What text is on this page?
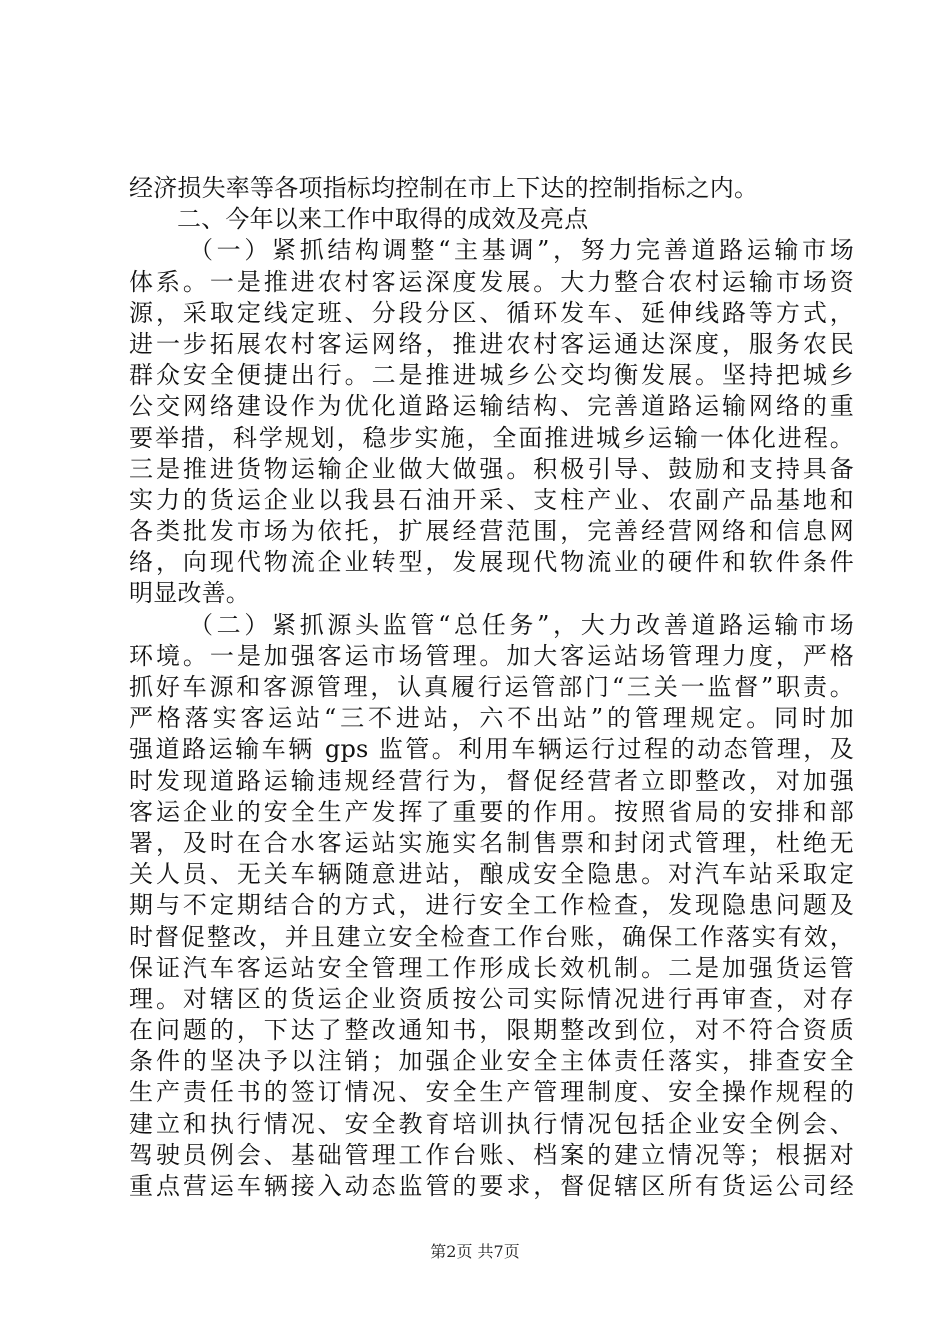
经济损失率等各项指标均控制在市上下达的控制指标之内。
二、今年以来工作中取得的成效及亮点
（一）紧抓结构调整“主基调”，努力完善道路运输市场
体系。一是推进农村客运深度发展。大力整合农村运输市场资
源，采取定线定班、分段分区、循环发车、延伸线路等方式，
进一步拓展农村客运网络，推进农村客运通达深度，服务农民
群众安全便捷出行。二是推进城乡公交均衡发展。坚持把城乡
公交网络建设作为优化道路运输结构、完善道路运输网络的重
要举措，科学规划，稳步实施，全面推进城乡运输一体化进程。
三是推进货物运输企业做大做强。积极引导、鼓励和支持具备
实力的货运企业以我县石油开采、支柱产业、农副产品基地和
各类批发市场为依托，扩展经营范围，完善经营网络和信息网
络，向现代物流企业转型，发展现代物流业的硬件和软件条件
明显改善。
（二）紧抓源头监管“总任务”，大力改善道路运输市场
环境。一是加强客运市场管理。加大客运站场管理力度，严格
抓好车源和客源管理，认真履行运管部门“三关一监督”职责。
严格落实客运站“三不进站，六不出站”的管理规定。同时加
强道路运输车辆 gps 监管。利用车辆运行过程的动态管理，及
时发现道路运输违规经营行为，督促经营者立即整改，对加强
客运企业的安全生产发挥了重要的作用。按照省局的安排和部
署，及时在合水客运站实施实名制售票和封闭式管理，杜绝无
关人员、无关车辆随意进站，酿成安全隐患。对汽车站采取定
期与不定期结合的方式，进行安全工作检查，发现隐患问题及
时督促整改，并且建立安全检查工作台账，确保工作落实有效，
保证汽车客运站安全管理工作形成长效机制。二是加强货运管
理。对辖区的货运企业资质按公司实际情况进行再审查，对存
在问题的，下达了整改通知书，限期整改到位，对不符合资质
条件的坚决予以注销；加强企业安全主体责任落实，排查安全
生产责任书的签订情况、安全生产管理制度、安全操作规程的
建立和执行情况、安全教育培训执行情况包括企业安全例会、
驾驶员例会、基础管理工作台账、档案的建立情况等；根据对
重点营运车辆接入动态监管的要求，督促辖区所有货运公司经
第2页 共7页
